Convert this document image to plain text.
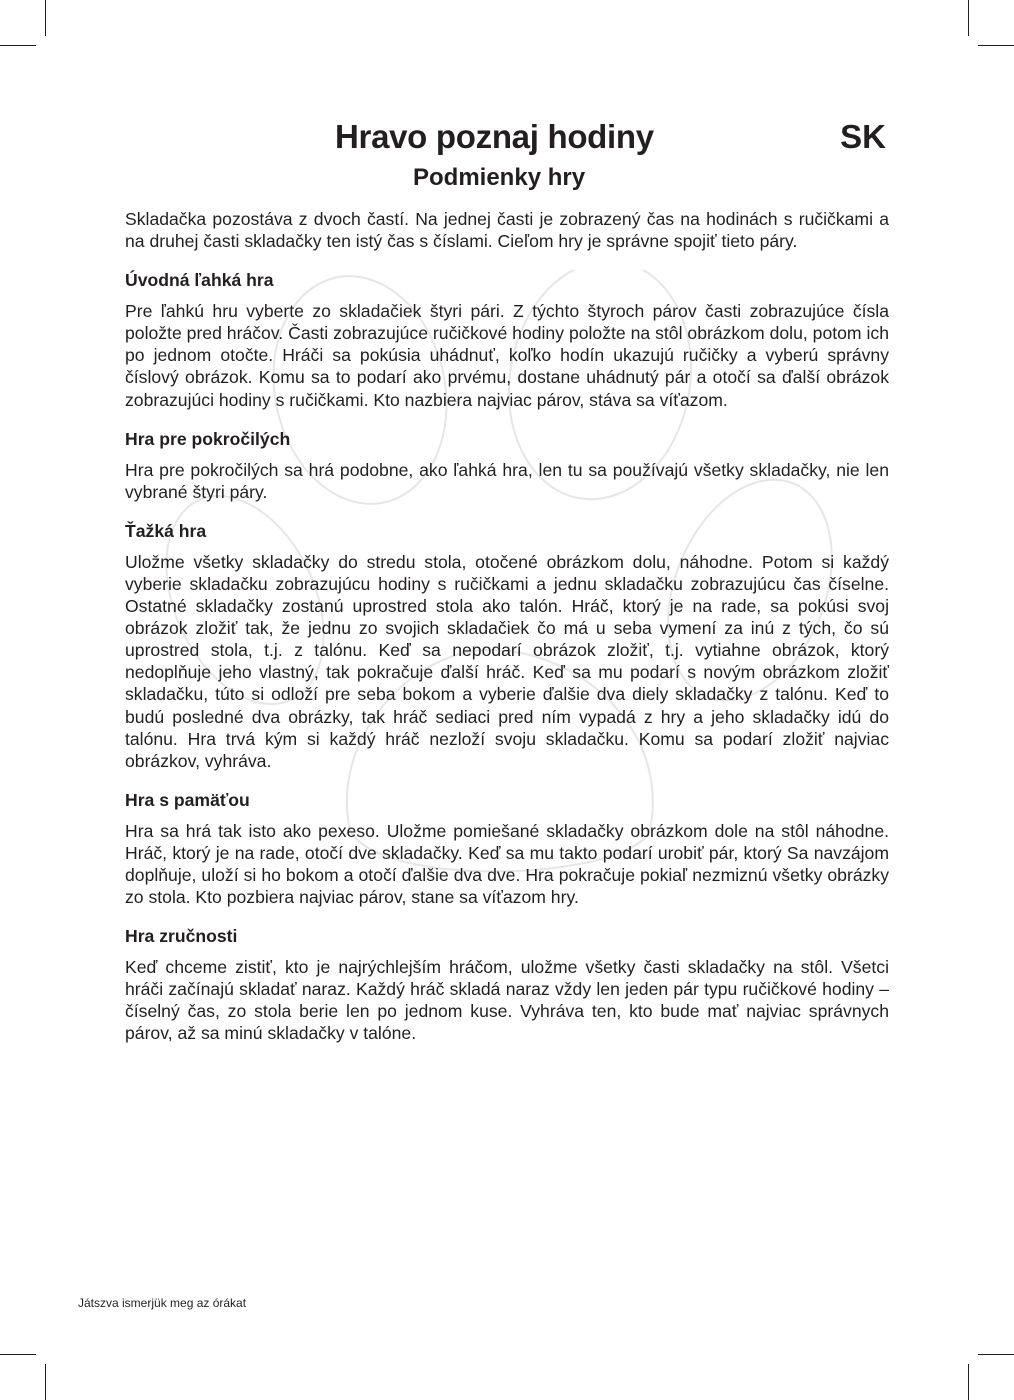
Hravo poznaj hodiny	SK
Podmienky hry

Skladačka pozostáva z dvoch častí. Na jednej časti je zobrazený čas na hodinách s ručičkami a na druhej časti skladačky ten istý čas s číslami. Cieľom hry je správne spojiť tieto páry.

Úvodná ľahká hra

Pre ľahkú hru vyberte zo skladačiek štyri pári. Z týchto štyroch párov časti zobrazujúce čísla položte pred hráčov. Časti zobrazujúce ručičkové hodiny položte na stôl obrázkom dolu, potom ich po jednom otočte. Hráči sa pokúsia uhádnuť, koľko hodín ukazujú ručičky a vyberú správny číslový obrázok. Komu sa to podarí ako prvému, dostane uhádnutý pár a otočí sa ďalší obrázok zobrazujúci hodiny s ručičkami. Kto nazbiera najviac párov, stáva sa víťazom.

Hra pre pokročilých

Hra pre pokročilých sa hrá podobne, ako ľahká hra, len tu sa používajú všetky skladačky, nie len vybrané štyri páry.

Ťažká hra

Uložme všetky skladačky do stredu stola, otočené obrázkom dolu, náhodne. Potom si každý vyberie skladačku zobrazujúcu hodiny s ručičkami a jednu skladačku zobrazujúcu čas číselne. Ostatné skladačky zostanú uprostred stola ako talón. Hráč, ktorý je na rade, sa pokúsi svoj obrázok zložiť tak, že jednu zo svojich skladačiek čo má u seba vymení za inú z tých, čo sú uprostred stola, t.j. z talónu. Keď sa nepodarí obrázok zložiť, t.j. vytiahne obrázok, ktorý nedoplňuje jeho vlastný, tak pokračuje ďalší hráč. Keď sa mu podarí s novým obrázkom zložiť skladačku, túto si odloží pre seba bokom a vyberie ďalšie dva diely skladačky z talónu. Keď to budú posledné dva obrázky, tak hráč sediaci pred ním vypadá z hry a jeho skladačky idú do talónu. Hra trvá kým si každý hráč nezloží svoju skladačku. Komu sa podarí zložiť najviac obrázkov, vyhráva.

Hra s pamäťou

Hra sa hrá tak isto ako pexeso. Uložme pomiešané skladačky obrázkom dole na stôl náhodne. Hráč, ktorý je na rade, otočí dve skladačky. Keď sa mu takto podarí urobiť pár, ktorý Sa navzájom doplňuje, uloží si ho bokom a otočí ďalšie dva dve. Hra pokračuje pokiaľ nezmiznú všetky obrázky zo stola. Kto pozbiera najviac párov, stane sa víťazom hry.

Hra zručnosti

Keď chceme zistiť, kto je najrýchlejším hráčom, uložme všetky časti skladačky na stôl. Všetci hráči začínajú skladať naraz. Každý hráč skladá naraz vždy len jeden pár typu ručičkové hodiny – číselný čas, zo stola berie len po jednom kuse. Vyhráva ten, kto bude mať najviac správnych párov, až sa minú skladačky v talóne.

Játszva ismerjük meg az órákat
